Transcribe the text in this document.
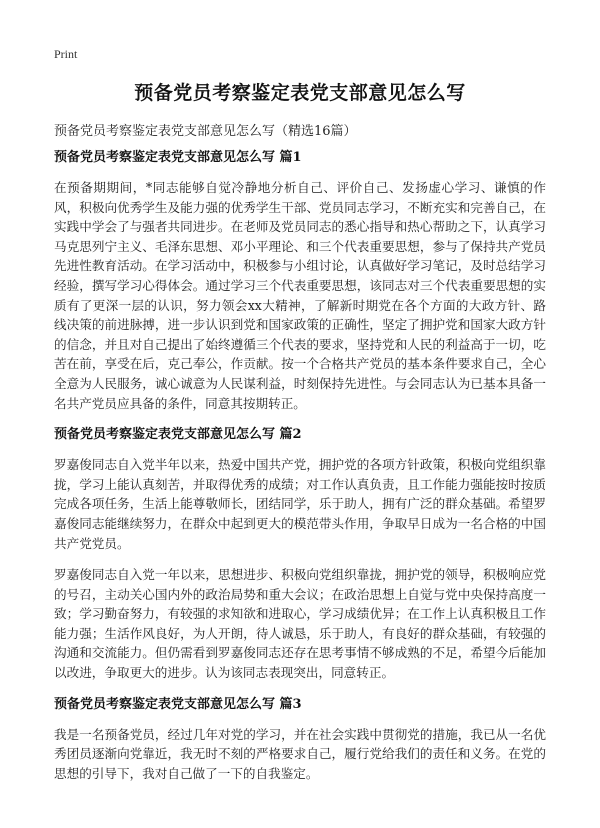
Print
预备党员考察鉴定表党支部意见怎么写
预备党员考察鉴定表党支部意见怎么写（精选16篇）
预备党员考察鉴定表党支部意见怎么写 篇1

在预备期期间，*同志能够自觉冷静地分析自己、评价自己、发扬虚心学习、谦慎的作风，积极向优秀学生及能力强的优秀学生干部、党员同志学习，不断充实和完善自己，在实践中学会了与强者共同进步。在老师及党员同志的悉心指导和热心帮助之下，认真学习马克思列宁主义、毛泽东思想、邓小平理论、和三个代表重要思想，参与了保持共产党员先进性教育活动。在学习活动中，积极参与小组讨论，认真做好学习笔记，及时总结学习经验，撰写学习心得体会。通过学习三个代表重要思想，该同志对三个代表重要思想的实质有了更深一层的认识，努力领会xx大精神，了解新时期党在各个方面的大政方针、路线决策的前进脉搏，进一步认识到党和国家政策的正确性，坚定了拥护党和国家大政方针的信念，并且对自己提出了始终遵循三个代表的要求，坚持党和人民的利益高于一切，吃苦在前，享受在后，克己奉公，作贡献。按一个合格共产党员的基本条件要求自己，全心全意为人民服务，诚心诚意为人民谋利益，时刻保持先进性。与会同志认为已基本具备一名共产党员应具备的条件，同意其按期转正。

预备党员考察鉴定表党支部意见怎么写 篇2

罗嘉俊同志自入党半年以来，热爱中国共产党，拥护党的各项方针政策，积极向党组织靠拢，学习上能认真刻苦，并取得优秀的成绩；对工作认真负责，且工作能力强能按时按质完成各项任务，生活上能尊敬师长，团结同学，乐于助人，拥有广泛的群众基础。希望罗嘉俊同志能继续努力，在群众中起到更大的模范带头作用，争取早日成为一名合格的中国共产党党员。

罗嘉俊同志自入党一年以来，思想进步、积极向党组织靠拢，拥护党的领导，积极响应党的号召，主动关心国内外的政治局势和重大会议；在政治思想上自觉与党中央保持高度一致；学习勤奋努力，有较强的求知欲和进取心，学习成绩优异；在工作上认真积极且工作能力强；生活作风良好，为人开朗，待人诚恳，乐于助人，有良好的群众基础，有较强的沟通和交流能力。但仍需看到罗嘉俊同志还存在思考事情不够成熟的不足，希望今后能加以改进，争取更大的进步。认为该同志表现突出，同意转正。

预备党员考察鉴定表党支部意见怎么写 篇3

我是一名预备党员，经过几年对党的学习，并在社会实践中贯彻党的措施，我已从一名优秀团员逐渐向党靠近，我无时不刻的严格要求自己，履行党给我们的责任和义务。在党的思想的引导下，我对自己做了一下的自我鉴定。
